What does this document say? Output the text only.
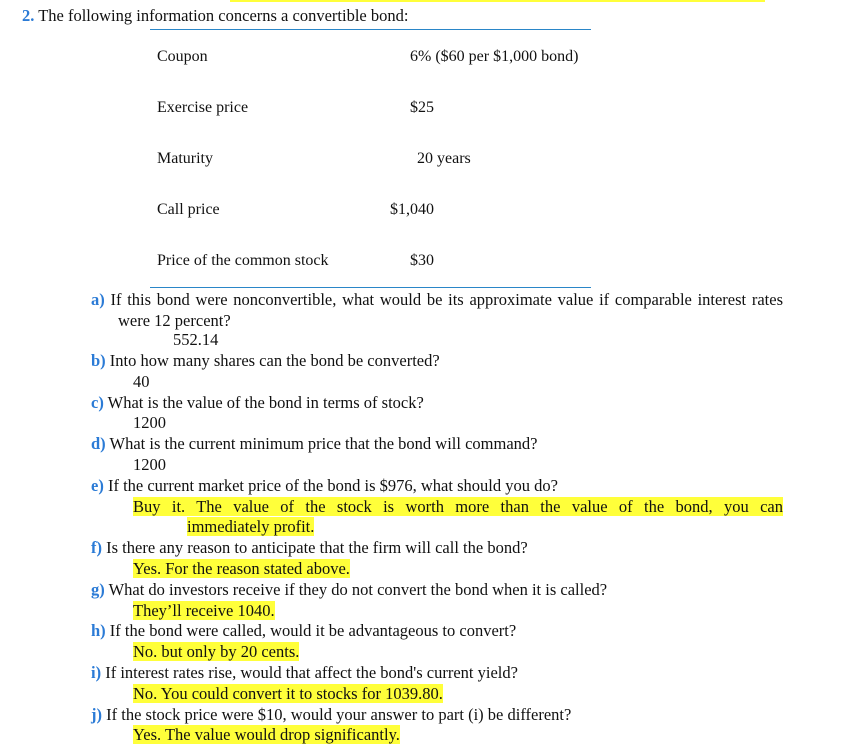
2. The following information concerns a convertible bond:
Coupon	6% ($60 per $1,000 bond)
Exercise price	$25
Maturity	20 years
Call price	$1,040
Price of the common stock	$30
a) If this bond were nonconvertible, what would be its approximate value if comparable interest rates were 12 percent?
552.14
b) Into how many shares can the bond be converted?
40
c) What is the value of the bond in terms of stock?
1200
d) What is the current minimum price that the bond will command?
1200
e) If the current market price of the bond is $976, what should you do?
Buy it. The value of the stock is worth more than the value of the bond, you can
immediately profit.
f) Is there any reason to anticipate that the firm will call the bond?
Yes. For the reason stated above.
g) What do investors receive if they do not convert the bond when it is called?
They’ll receive 1040.
h) If the bond were called, would it be advantageous to convert?
No. but only by 20 cents.
i) If interest rates rise, would that affect the bond's current yield?
No. You could convert it to stocks for 1039.80.
j) If the stock price were $10, would your answer to part (i) be different?
Yes. The value would drop significantly.
